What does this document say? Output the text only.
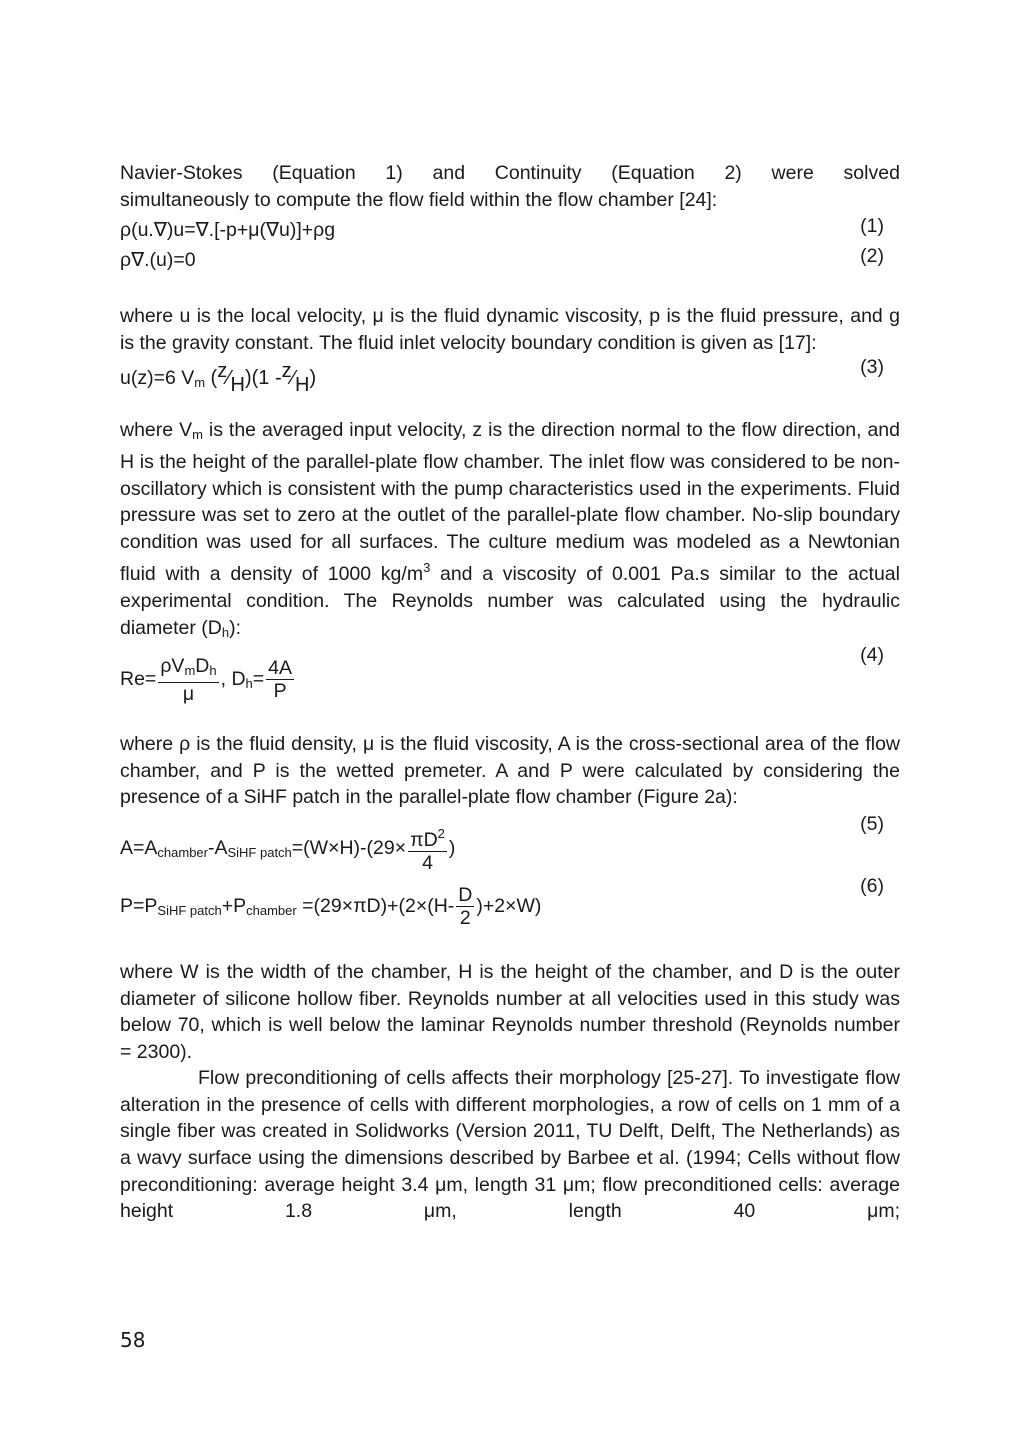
Navier-Stokes (Equation 1) and Continuity (Equation 2) were solved
simultaneously to compute the flow field within the flow chamber [24]:

ρ(u.∇)u=∇.[-p+μ(∇u)]+ρg	(1)
ρ∇.(u)=0	(2)

where u is the local velocity, μ is the fluid dynamic viscosity, p is the fluid pressure, and g is the gravity constant. The fluid inlet velocity boundary condition is given as [17]:

u(z)=6 $V_m$ (z⁄H)(1 -z⁄H)	(3)

where $V_m$ is the averaged input velocity, z is the direction normal to the flow direction, and H is the height of the parallel-plate flow chamber. The inlet flow was considered to be non-oscillatory which is consistent with the pump characteristics used in the experiments. Fluid pressure was set to zero at the outlet of the parallel-plate flow chamber. No-slip boundary condition was used for all surfaces. The culture medium was modeled as a Newtonian fluid with a density of 1000 $kg/m^3$ and a viscosity of 0.001 Pa.s similar to the actual experimental condition. The Reynolds number was calculated using the hydraulic diameter $(D_h)$:

$Re= \frac{\rho V_mD_h}{\mu}$ , $D_h= \frac{4A}{P}$
(4)

where ρ is the fluid density, μ is the fluid viscosity, A is the cross-sectional area of the flow chamber, and P is the wetted premeter. A and P were calculated by considering the presence of a SiHF patch in the parallel-plate flow chamber (Figure 2a):

$A=A_{chamber}-A_{SiHF patch}=(W\times H)-(29\times \frac{\pi D^2}{4}$ )
(5)
$P=P_{SiHF patch}+P_{chamber} =(29\times\pi D)+(2\times(H- \frac{D}{2} )+2\times W)$
(6)

where W is the width of the chamber, H is the height of the chamber, and D is the outer diameter of silicone hollow fiber. Reynolds number at all velocities used in this study was below 70, which is well below the laminar Reynolds number threshold (Reynolds number = 2300).

Flow preconditioning of cells affects their morphology [25-27]. To investigate flow alteration in the presence of cells with different morphologies, a row of cells on 1 mm of a single fiber was created in Solidworks (Version 2011, TU Delft, Delft, The Netherlands) as a wavy surface using the dimensions described by Barbee et al. (1994; Cells without flow preconditioning: average height 3.4 μm, length 31 μm; flow preconditioned cells: average height 1.8 μm, length 40 μm;

58
